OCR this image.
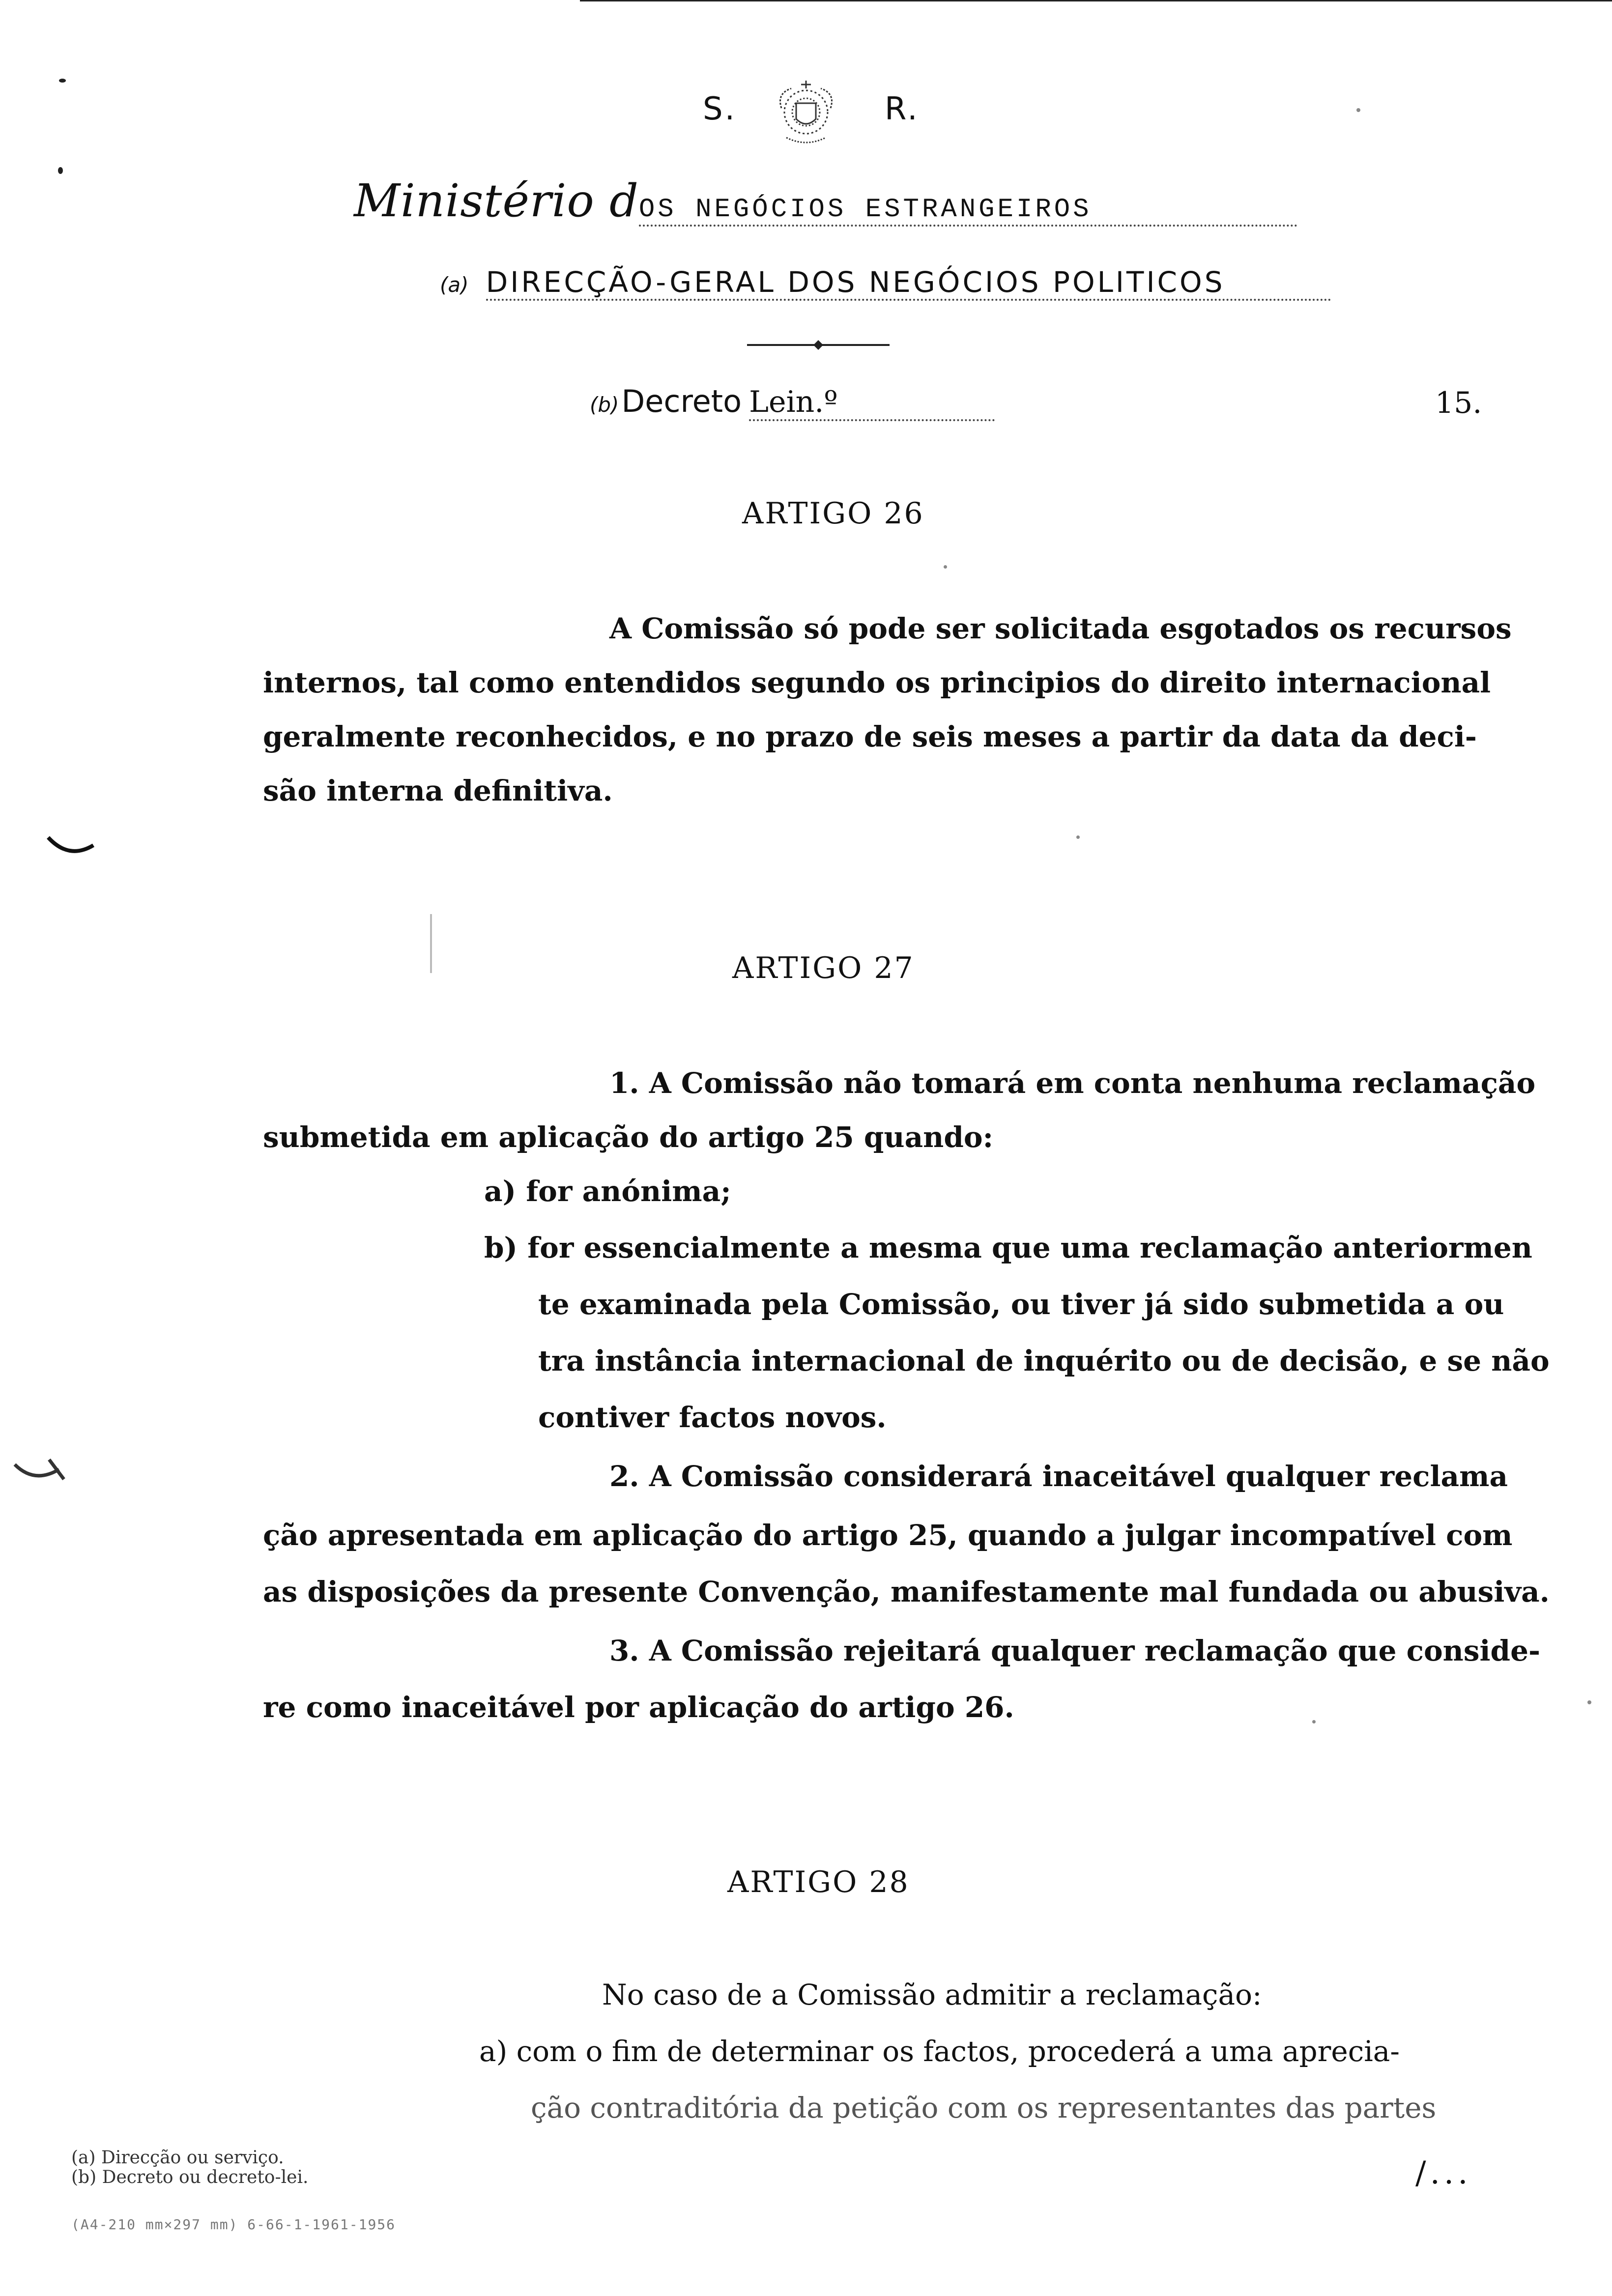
S.	R.
Ministério dOS NEGÓCIOS ESTRANGEIROS
(a) DIRECÇÃO-GERAL DOS NEGÓCIOS POLITICOS
(b) Decreto Lein.º	15.
ARTIGO 26
A Comissão só pode ser solicitada esgotados os recursos
internos, tal como entendidos segundo os principios do direito internacional
geralmente reconhecidos, e no prazo de seis meses a partir da data da deci-
são interna definitiva.
ARTIGO 27
1. A Comissão não tomará em conta nenhuma reclamação
submetida em aplicação do artigo 25 quando:
a) for anónima;
b) for essencialmente a mesma que uma reclamação anteriormen
te examinada pela Comissão, ou tiver já sido submetida a ou
tra instância internacional de inquérito ou de decisão, e se não
contiver factos novos.
2. A Comissão considerará inaceitável qualquer reclama
ção apresentada em aplicação do artigo 25, quando a julgar incompatível com
as disposições da presente Convenção, manifestamente mal fundada ou abusiva.
3. A Comissão rejeitará qualquer reclamação que conside-
re como inaceitável por aplicação do artigo 26.
ARTIGO 28
No caso de a Comissão admitir a reclamação:
a) com o fim de determinar os factos, procederá a uma aprecia-
ção contraditória da petição com os representantes das partes
/...
(a) Direcção ou serviço.
(b) Decreto ou decreto-lei.
(A4-210 mm×297 mm) 6-66-1-1961-1956
